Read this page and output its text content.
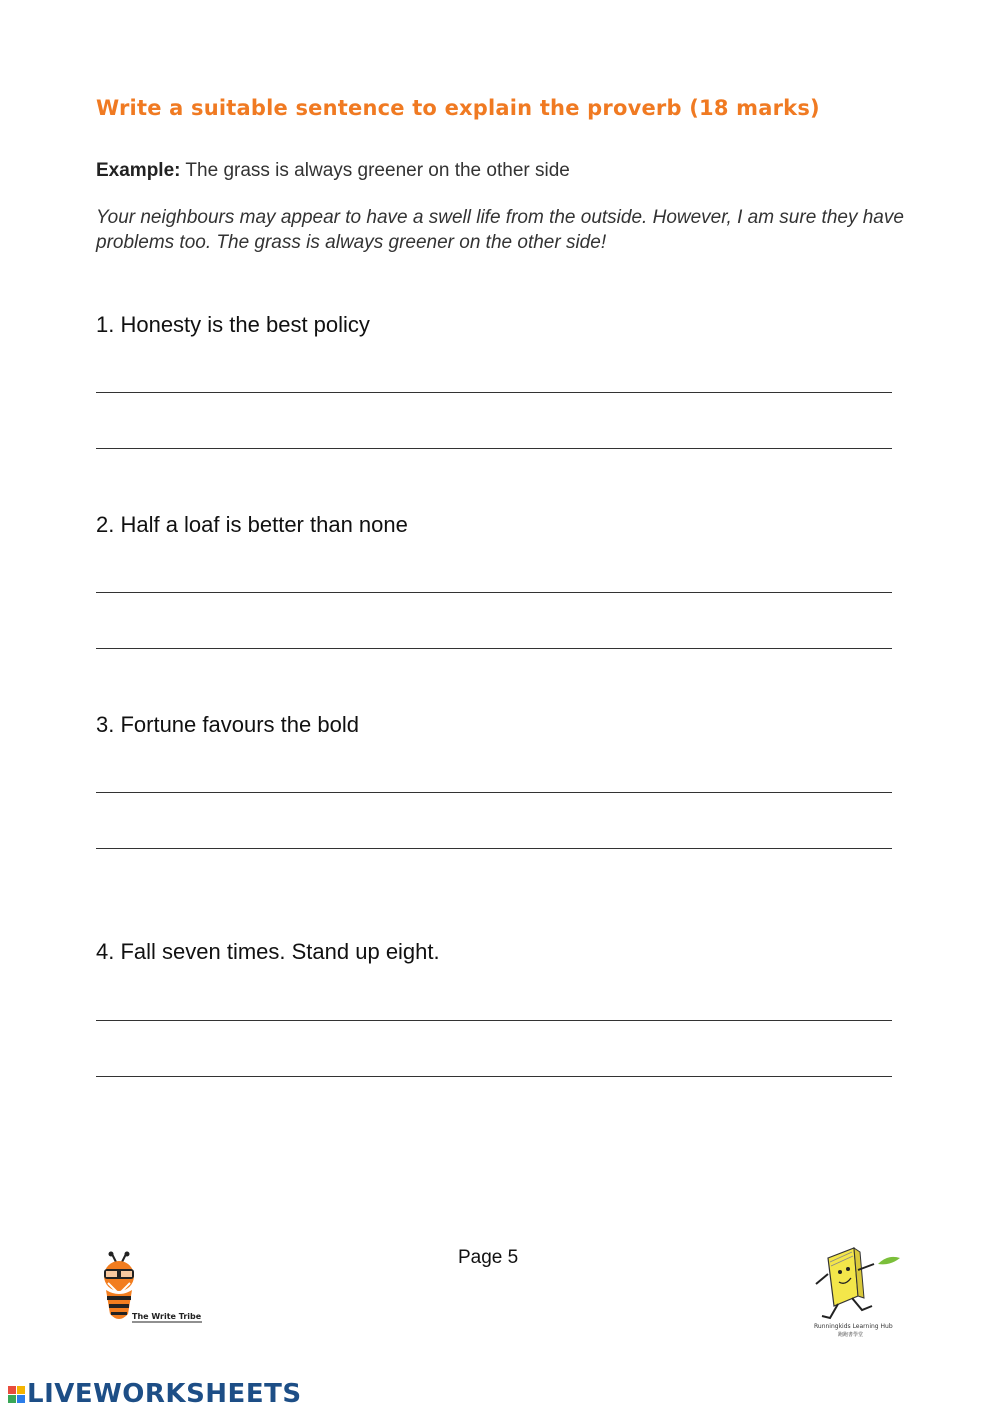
Write a suitable sentence to explain the proverb (18 marks)
Example: The grass is always greener on the other side
Your neighbours may appear to have a swell life from the outside. However, I am sure they have problems too. The grass is always greener on the other side!
1. Honesty is the best policy
2. Half a loaf is better than none
3. Fortune favours the bold
4. Fall seven times. Stand up eight.
Page 5
The Write Tribe
Runningkids Learning Hub
跑跑書學堂
LIVEWORKSHEETS
